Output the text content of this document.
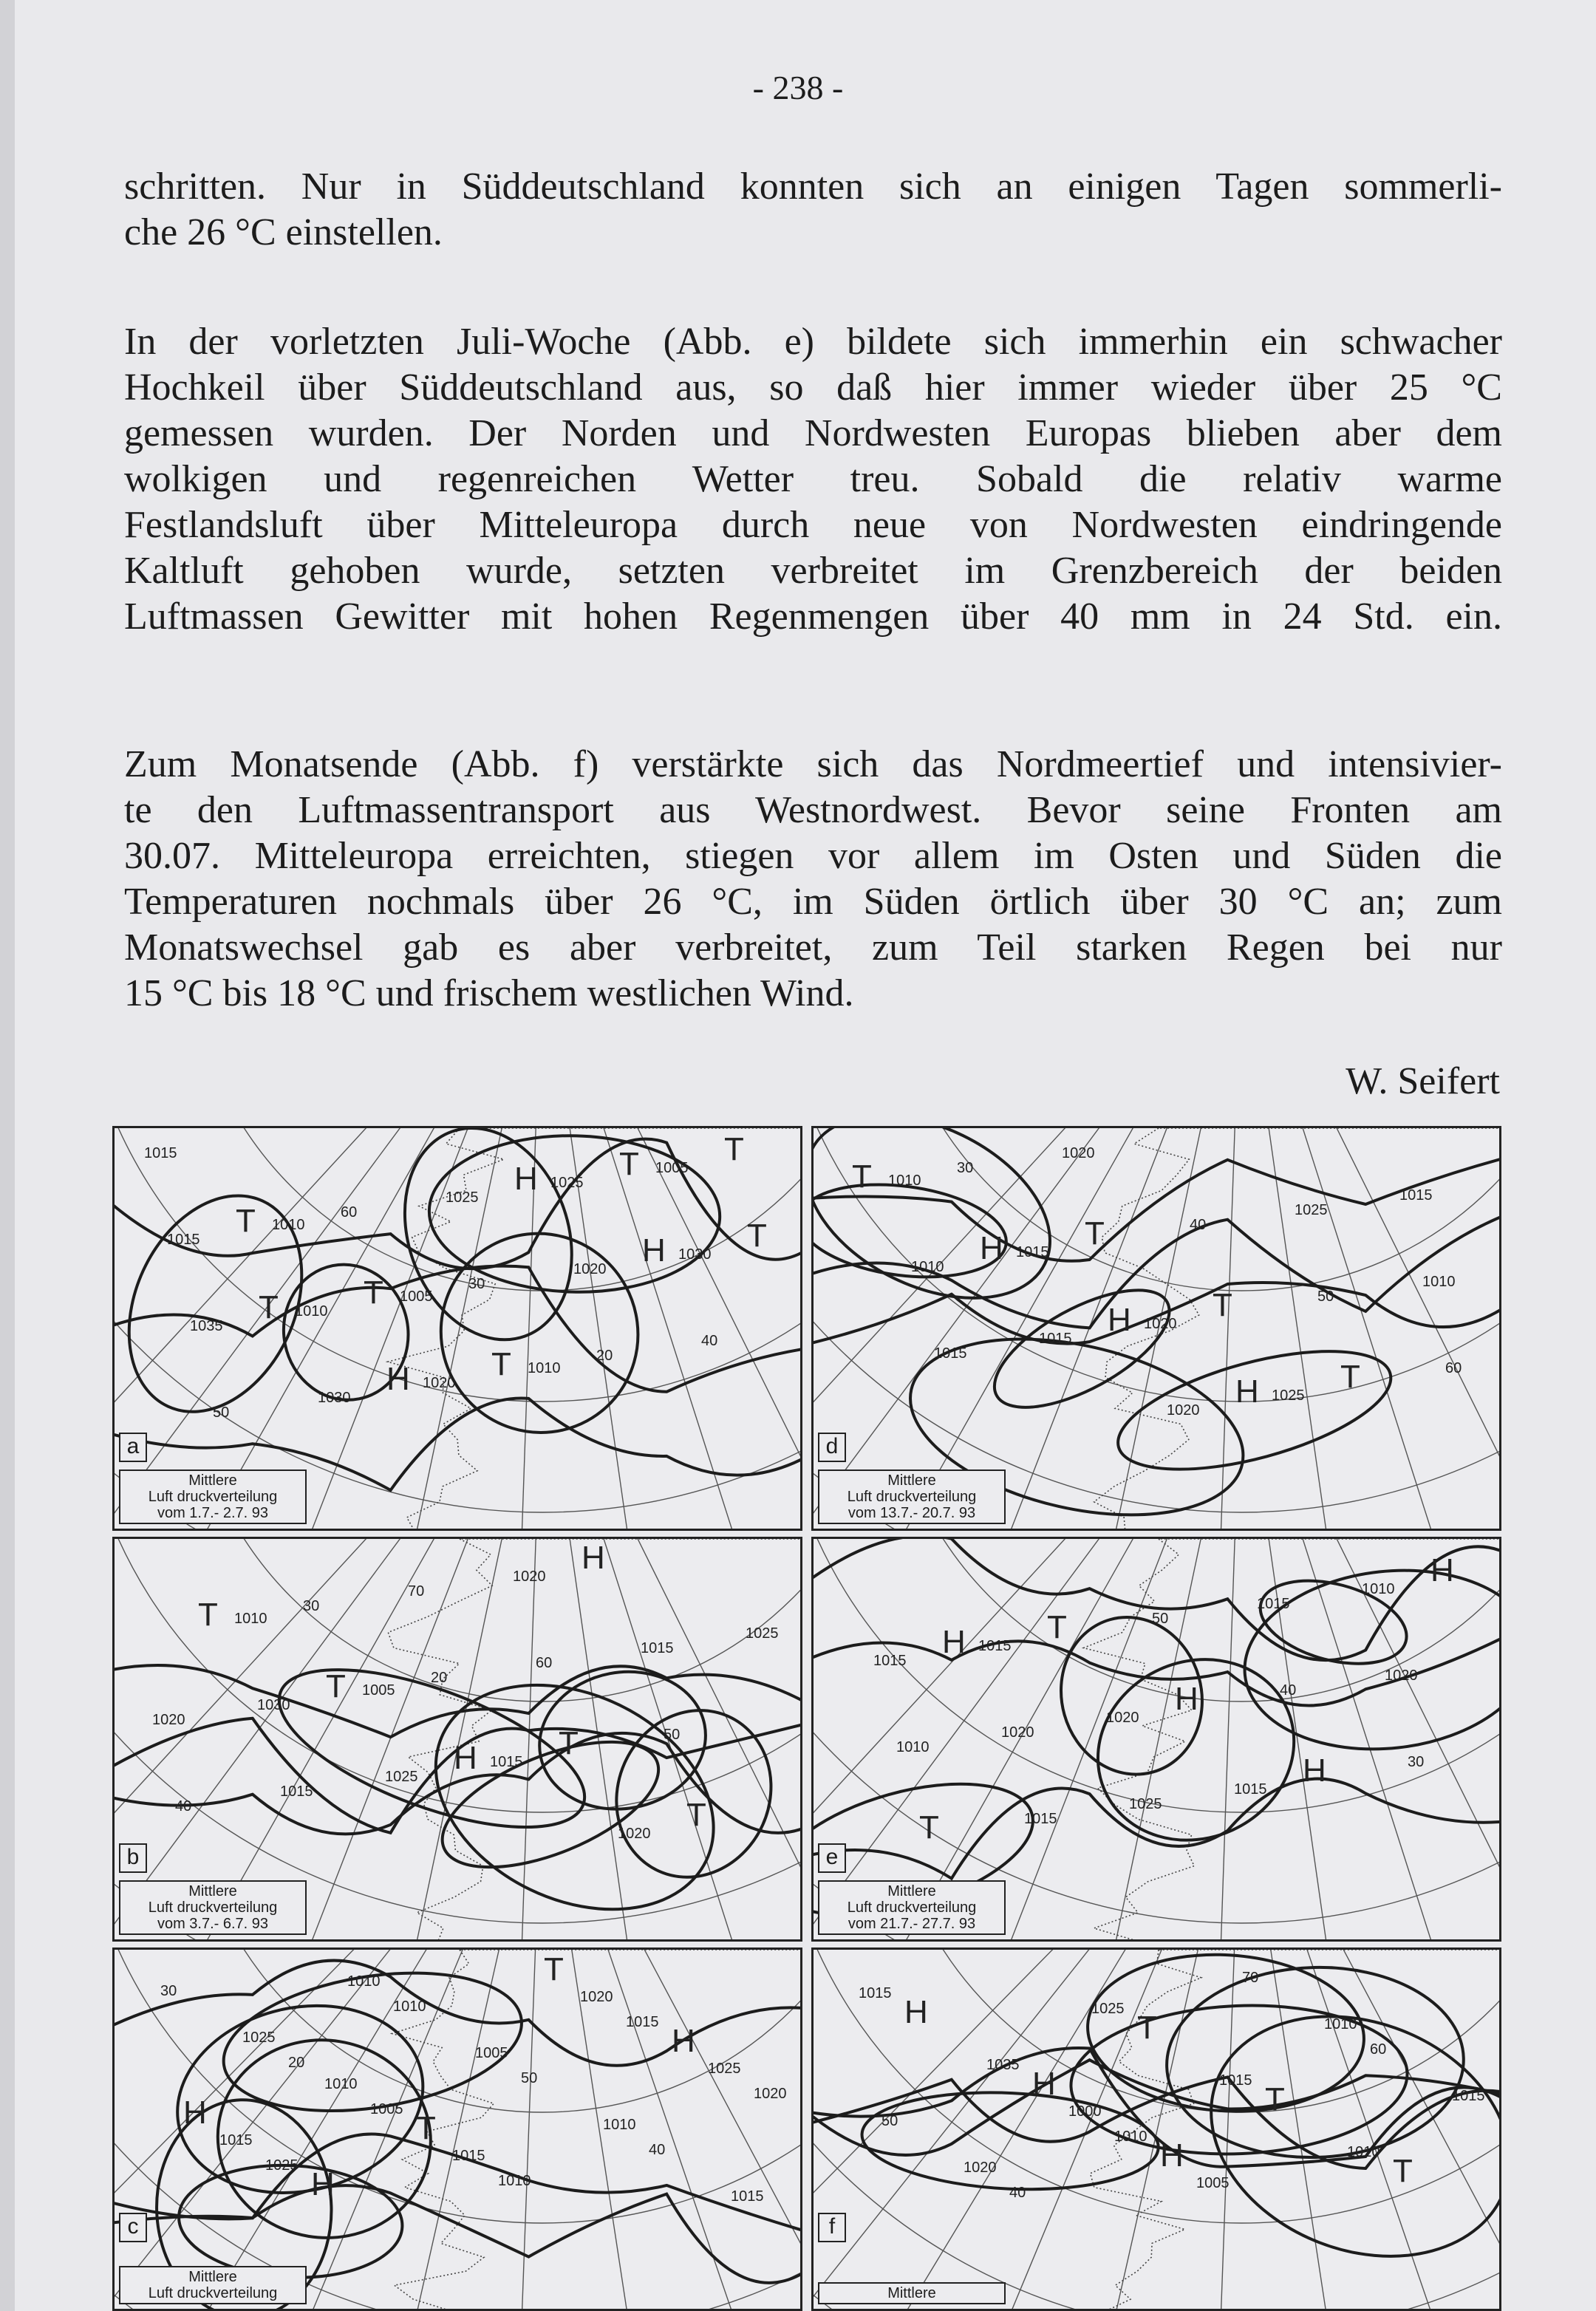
- 238 -

schritten. Nur in Süddeutschland konnten sich an einigen Tagen sommerli-
che 26 °C einstellen.

In der vorletzten Juli-Woche (Abb. e) bildete sich immerhin ein schwacher
Hochkeil über Süddeutschland aus, so daß hier immer wieder über 25 °C
gemessen wurden. Der Norden und Nordwesten Europas blieben aber dem
wolkigen und regenreichen Wetter treu. Sobald die relativ warme
Festlandsluft über Mitteleuropa durch neue von Nordwesten eindringende
Kaltluft gehoben wurde, setzten verbreitet im Grenzbereich der beiden
Luftmassen Gewitter mit hohen Regenmengen über 40 mm in 24 Std. ein.

Zum Monatsende (Abb. f) verstärkte sich das Nordmeertief und intensivier-
te den Luftmassentransport aus Westnordwest. Bevor seine Fronten am
30.07. Mitteleuropa erreichten, stiegen vor allem im Osten und Süden die
Temperaturen nochmals über 26 °C, im Süden örtlich über 30 °C an; zum
Monatswechsel gab es aber verbreitet, zum Teil starken Regen bei nur
15 °C bis 18 °C und frischem westlichen Wind.

W. Seifert
1015
1010
1005
1010
1005
1015
1010
1020
1025
1030
1035
1030
1025
1020
40
50
60
30
20
T
T
T
T
T
T
T
H
H
H
a
Mittlere
Luft druckverteilung
vom 1.7.- 2.7. 93
1010
1015
1020
1025
1015
1010
1015
1020
1025
1010
1015
1020
40
50
60
30
T
T
T
T
H
H
H
d
Mittlere
Luft druckverteilung
vom 13.7.- 20.7. 93
1010
1005
1015
1020
1025
1030
1025
1020
1015
1020
1015
70
60
50
40
30
20
T
T
T
T
H
H
b
Mittlere
Luft druckverteilung
vom 3.7.- 6.7. 93
1015
1020
1015
1010
1015
1020
1025
1015
1020
1010
1015
50
40
30
T
T
H
H
H
H
e
Mittlere
Luft druckverteilung
vom 21.7.- 27.7. 93
1010
1015
1020
1025
1015
1010
1005
1010
1015
1025
1005
1010
1015
1020
1025
1010
50
40
30
20
T
T
H
H
H
c
Mittlere
Luft druckverteilung
1000
1005
1010
1015
1020
1025
1015
1010
1015
1035
1010
70
60
50
40
T
T
T
H
H
H
f
Mittlere
